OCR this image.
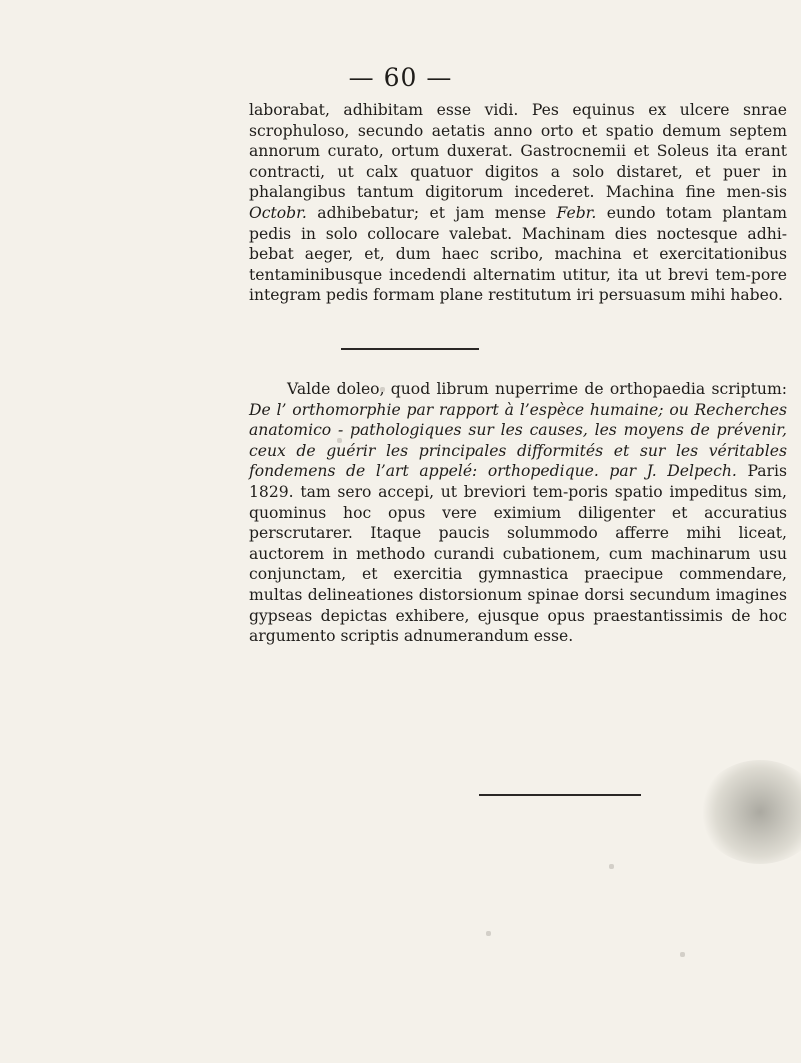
— 60 —

laborabat, adhibitam esse vidi. Pes equinus ex ulcere snrae scrophuloso, secundo aetatis anno orto et spatio demum septem annorum curato, ortum duxerat. Gastrocnemii et Soleus ita erant contracti, ut calx quatuor digitos a solo distaret, et puer in phalangibus tantum digitorum incederet. Machina fine men-sis Octobr. adhibebatur; et jam mense Febr. eundo totam plantam pedis in solo collocare valebat. Machinam dies noctesque adhi-bebat aeger, et, dum haec scribo, machina et exercitationibus tentaminibusque incedendi alternatim utitur, ita ut brevi tem-pore integram pedis formam plane restitutum iri persuasum mihi habeo.

Valde doleo, quod librum nuperrime de orthopaedia scriptum: De l’ orthomorphie par rapport à l’espèce humaine; ou Recherches anatomico - pathologiques sur les causes, les moyens de prévenir, ceux de guérir les principales difformités et sur les véritables fondemens de l’art appelé: orthopedique. par J. Delpech. Paris 1829. tam sero accepi, ut breviori tem-poris spatio impeditus sim, quominus hoc opus vere eximium diligenter et accuratius perscrutarer. Itaque paucis solummodo afferre mihi liceat, auctorem in methodo curandi cubationem, cum machinarum usu conjunctam, et exercitia gymnastica praecipue commendare, multas delineationes distorsionum spinae dorsi secundum imagines gypseas depictas exhibere, ejusque opus praestantissimis de hoc argumento scriptis adnumerandum esse.
